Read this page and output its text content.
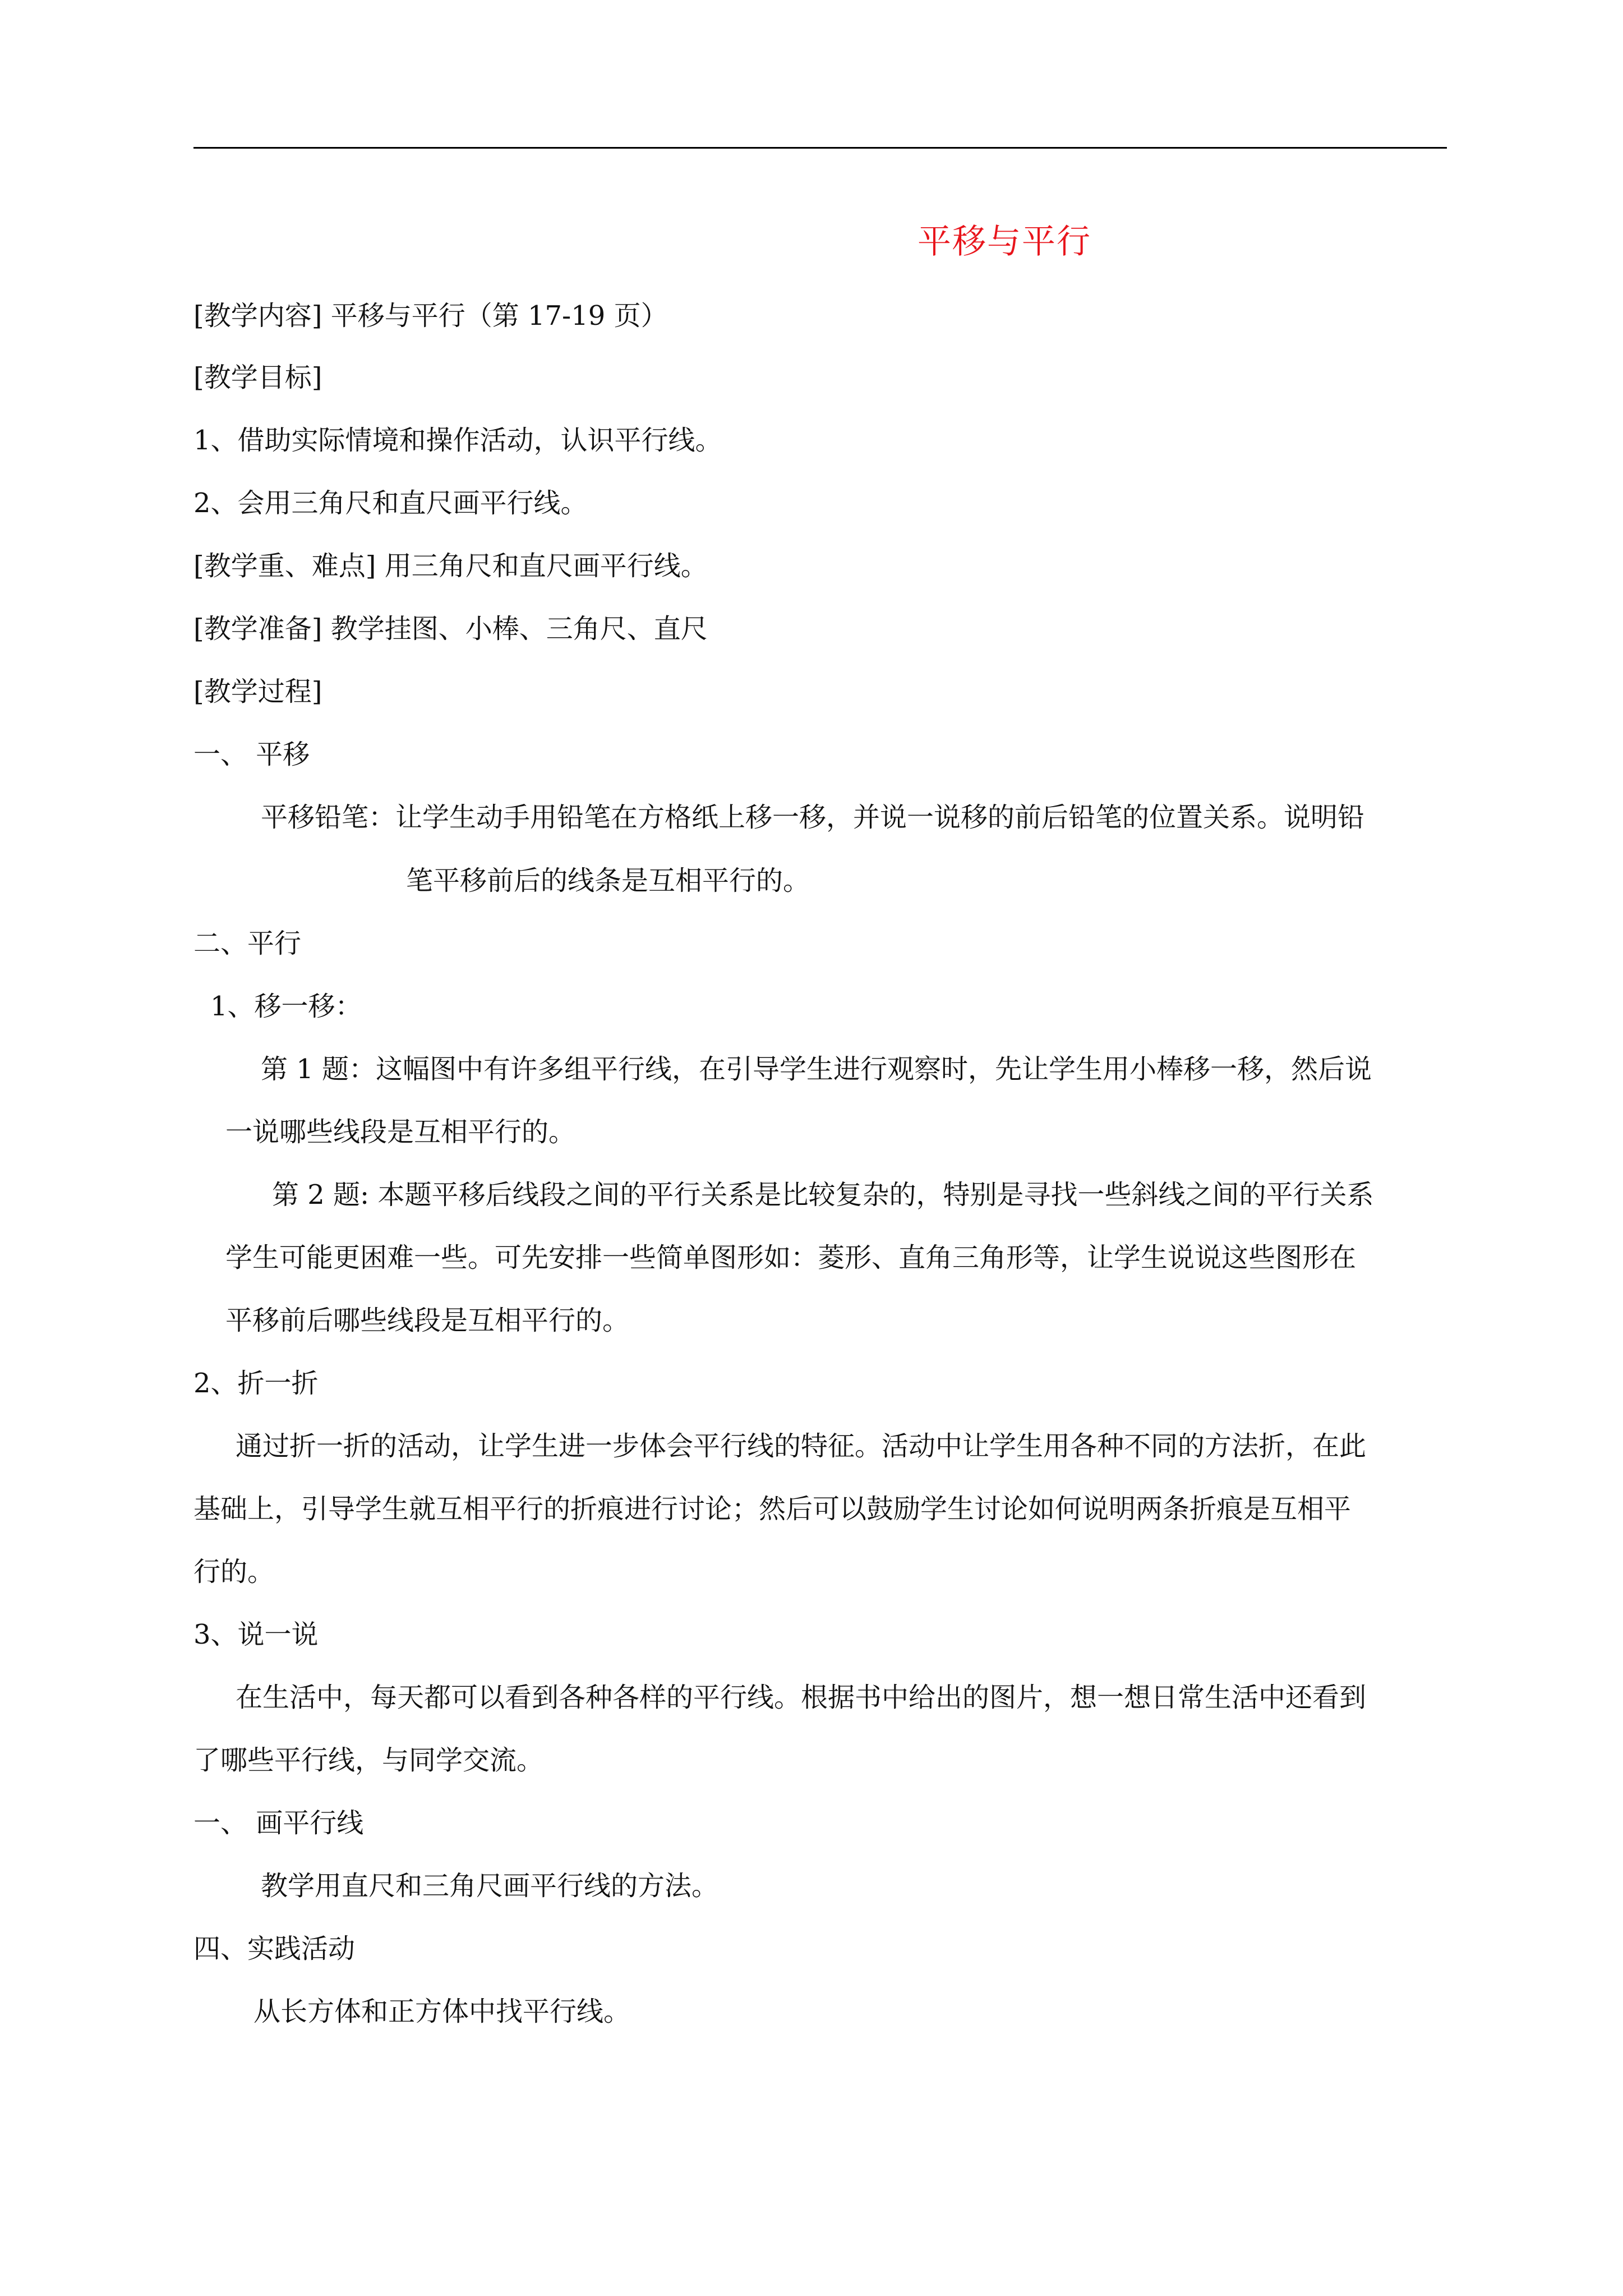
平移与平行
[教学内容] 平移与平行（第 17-19 页）
[教学目标]
1、借助实际情境和操作活动，认识平行线。
2、会用三角尺和直尺画平行线。
[教学重、难点] 用三角尺和直尺画平行线。
[教学准备] 教学挂图、小棒、三角尺、直尺
[教学过程]
一、 平移
平移铅笔：让学生动手用铅笔在方格纸上移一移，并说一说移的前后铅笔的位置关系。说明铅
笔平移前后的线条是互相平行的。
二、平行
1、移一移：
第 1 题：这幅图中有许多组平行线，在引导学生进行观察时，先让学生用小棒移一移，然后说
一说哪些线段是互相平行的。
第 2 题: 本题平移后线段之间的平行关系是比较复杂的，特别是寻找一些斜线之间的平行关系
学生可能更困难一些。可先安排一些简单图形如：菱形、直角三角形等，让学生说说这些图形在
平移前后哪些线段是互相平行的。
2、折一折
通过折一折的活动，让学生进一步体会平行线的特征。活动中让学生用各种不同的方法折，在此
基础上，引导学生就互相平行的折痕进行讨论；然后可以鼓励学生讨论如何说明两条折痕是互相平
行的。
3、说一说
在生活中，每天都可以看到各种各样的平行线。根据书中给出的图片，想一想日常生活中还看到
了哪些平行线，与同学交流。
一、 画平行线
教学用直尺和三角尺画平行线的方法。
四、实践活动
从长方体和正方体中找平行线。
